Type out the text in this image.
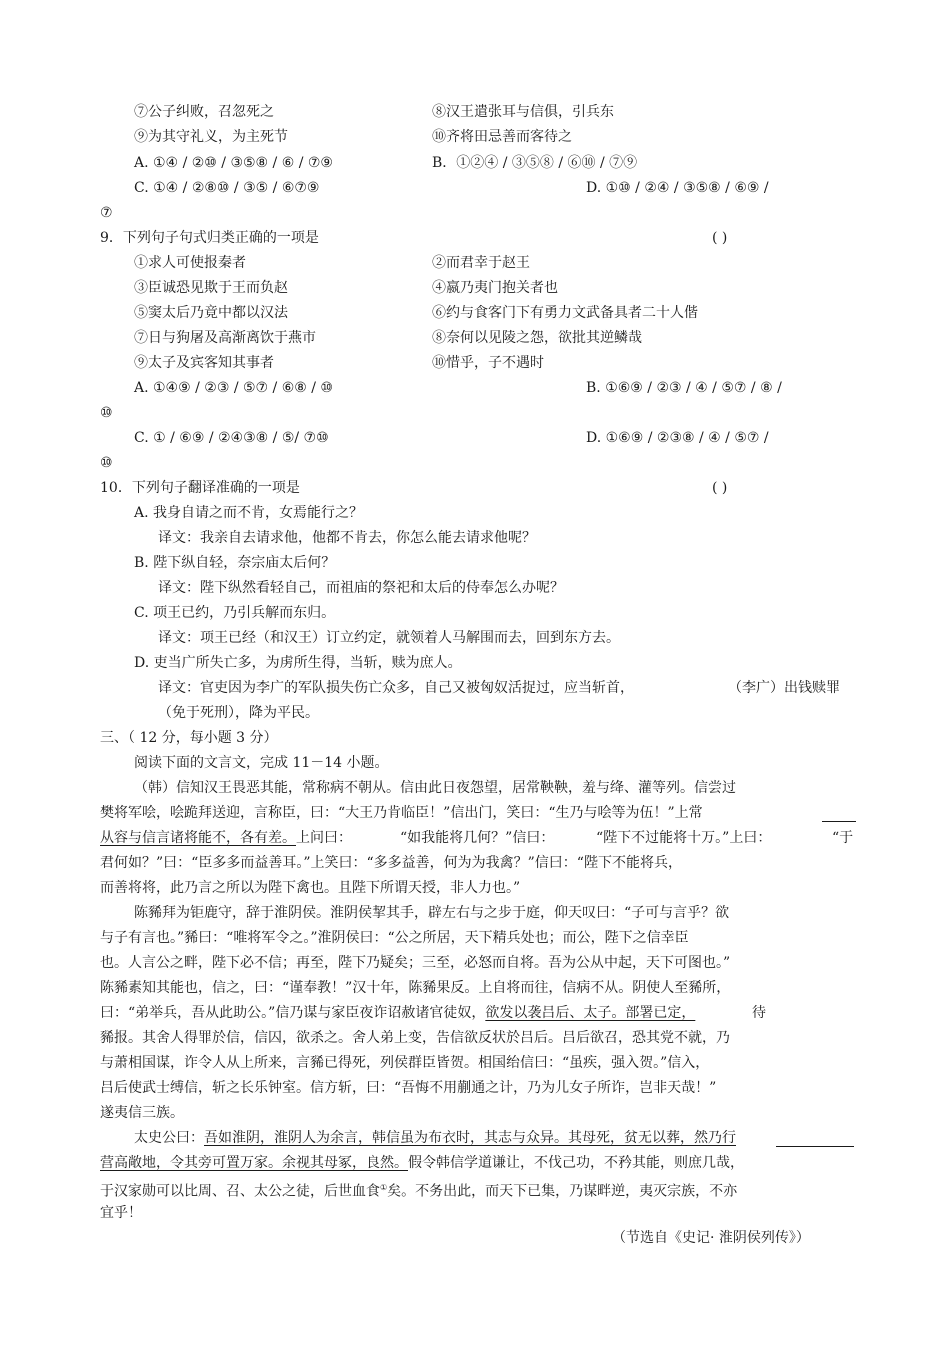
⑦公子纠败，召忽死之	⑧汉王遣张耳与信俱，引兵东
⑨为其守礼义，为主死节	⑩齐将田忌善而客待之
A. ①④ / ②⑩ / ③⑤⑧ / ⑥ / ⑦⑨	B．①②④ / ③⑤⑧ / ⑥⑩ / ⑦⑨
C. ①④ / ②⑧⑩ / ③⑤ / ⑥⑦⑨	D. ①⑩ / ②④ / ③⑤⑧ / ⑥⑨ /
⑦
9．下列句子句式归类正确的一项是	( )
①求人可使报秦者	②而君幸于赵王
③臣诚恐见欺于王而负赵	④嬴乃夷门抱关者也
⑤窦太后乃竟中都以汉法	⑥约与食客门下有勇力文武备具者二十人偕
⑦日与狗屠及高渐离饮于燕市	⑧奈何以见陵之怨，欲批其逆鳞哉
⑨太子及宾客知其事者	⑩惜乎，子不遇时
A. ①④⑨ / ②③ / ⑤⑦ / ⑥⑧ / ⑩	B. ①⑥⑨ / ②③ / ④ / ⑤⑦ / ⑧ /
⑩
C. ① / ⑥⑨ / ②④③⑧ / ⑤/ ⑦⑩	D. ①⑥⑨ / ②③⑧ / ④ / ⑤⑦ /
⑩
10．下列句子翻译准确的一项是	( )
A. 我身自请之而不肯，女焉能行之？
译文：我亲自去请求他，他都不肯去，你怎么能去请求他呢？
B. 陛下纵自轻，奈宗庙太后何？
译文：陛下纵然看轻自己，而祖庙的祭祀和太后的侍奉怎么办呢？
C. 项王已约，乃引兵解而东归。
译文：项王已经（和汉王）订立约定，就领着人马解围而去，回到东方去。
D. 吏当广所失亡多，为虏所生得，当斩，赎为庶人。
译文：官吏因为李广的军队损失伤亡众多，自己又被匈奴活捉过，应当斩首，	（李广）出钱赎罪
（免于死刑），降为平民。
三、（ 12 分，每小题 3 分）
阅读下面的文言文，完成 11－14 小题。
（韩）信知汉王畏恶其能，常称病不朝从。信由此日夜怨望，居常鞅鞅，羞与绛、灌等列。信尝过
樊将军哙，哙跪拜送迎，言称臣，曰：“大王乃肯临臣！”信出门，笑曰：“生乃与哙等为伍！”上常
从容与信言诸将能不，各有差。上问曰：	“如我能将几何？”信曰：	“陛下不过能将十万。”上曰：	“于
君何如？”曰：“臣多多而益善耳。”上笑曰：“多多益善，何为为我禽？”信曰：“陛下不能将兵，
而善将将，此乃言之所以为陛下禽也。且陛下所谓天授，非人力也。”
陈豨拜为钜鹿守，辞于淮阴侯。淮阴侯挈其手，辟左右与之步于庭，仰天叹曰：“子可与言乎？欲
与子有言也。”豨曰：“唯将军令之。”淮阴侯曰：“公之所居，天下精兵处也；而公，陛下之信幸臣
也。人言公之畔，陛下必不信；再至，陛下乃疑矣；三至，必怒而自将。吾为公从中起，天下可图也。”
陈豨素知其能也，信之，曰：“谨奉教！”汉十年，陈豨果反。上自将而往，信病不从。阴使人至豨所，
曰：“弟举兵，吾从此助公。”信乃谋与家臣夜诈诏赦诸官徒奴，欲发以袭吕后、太子。部署已定，	待
豨报。其舍人得罪於信，信囚，欲杀之。舍人弟上变，告信欲反状於吕后。吕后欲召，恐其党不就，乃
与萧相国谋，诈令人从上所来，言豨已得死，列侯群臣皆贺。相国绐信曰：“虽疾，强入贺。”信入，
吕后使武士缚信，斩之长乐钟室。信方斩，曰：“吾悔不用蒯通之计，乃为儿女子所诈，岂非天哉！”
遂夷信三族。
太史公曰：吾如淮阴，淮阴人为余言，韩信虽为布衣时，其志与众异。其母死，贫无以葬，然乃行
营高敞地，令其旁可置万家。余视其母冢，良然。假令韩信学道谦让，不伐己功，不矜其能，则庶几哉，
于汉家勋可以比周、召、太公之徒，后世血食①矣。不务出此，而天下已集，乃谋畔逆，夷灭宗族，不亦
宜乎！
（节选自《史记· 淮阴侯列传》）
